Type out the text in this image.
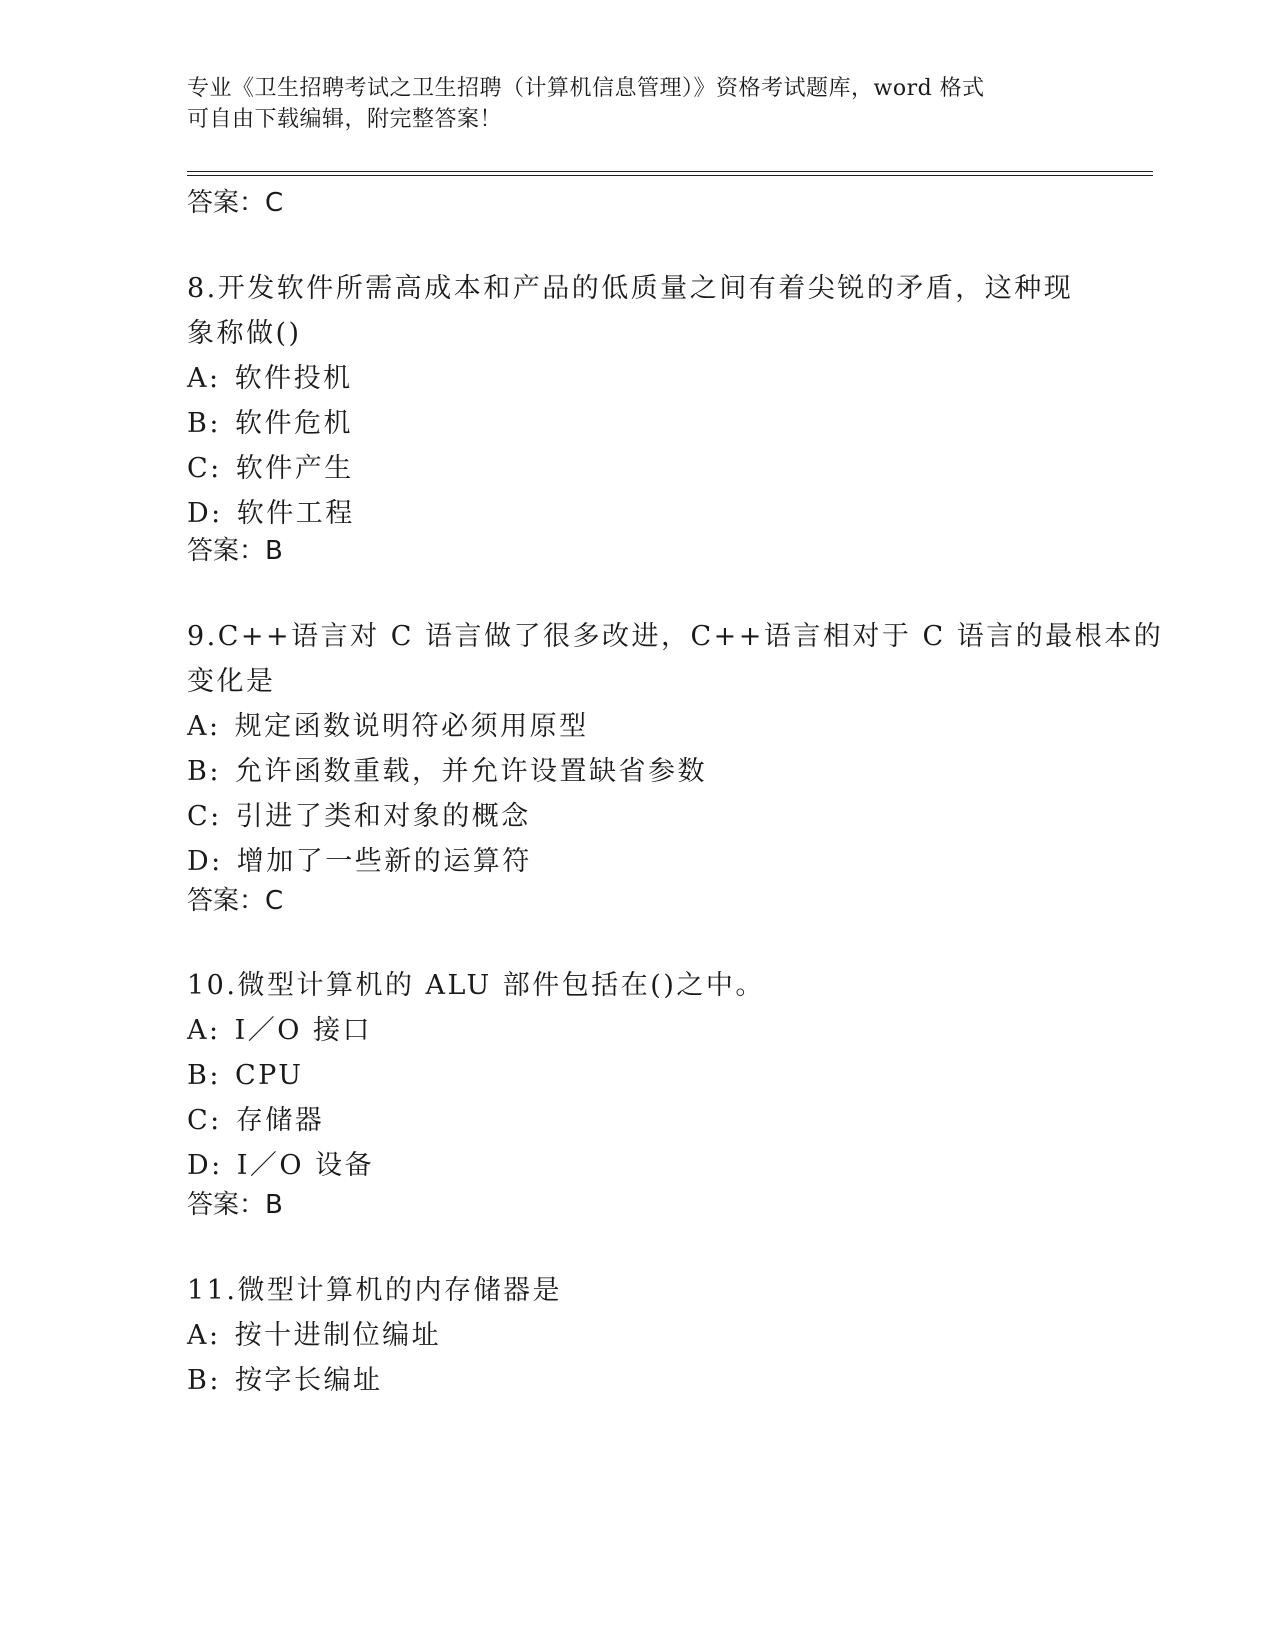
专业《卫生招聘考试之卫生招聘（计算机信息管理）》资格考试题库，word 格式
可自由下载编辑，附完整答案！
答案：C
8.开发软件所需高成本和产品的低质量之间有着尖锐的矛盾，这种现
象称做()
A: 软件投机
B: 软件危机
C: 软件产生
D: 软件工程
答案：B
9.C++语言对 C 语言做了很多改进，C++语言相对于 C 语言的最根本的
变化是
A: 规定函数说明符必须用原型
B: 允许函数重载，并允许设置缺省参数
C: 引进了类和对象的概念
D: 增加了一些新的运算符
答案：C
10.微型计算机的 ALU 部件包括在()之中。
A: I／O 接口
B: CPU
C: 存储器
D: I／O 设备
答案：B
11.微型计算机的内存储器是
A: 按十进制位编址
B: 按字长编址
